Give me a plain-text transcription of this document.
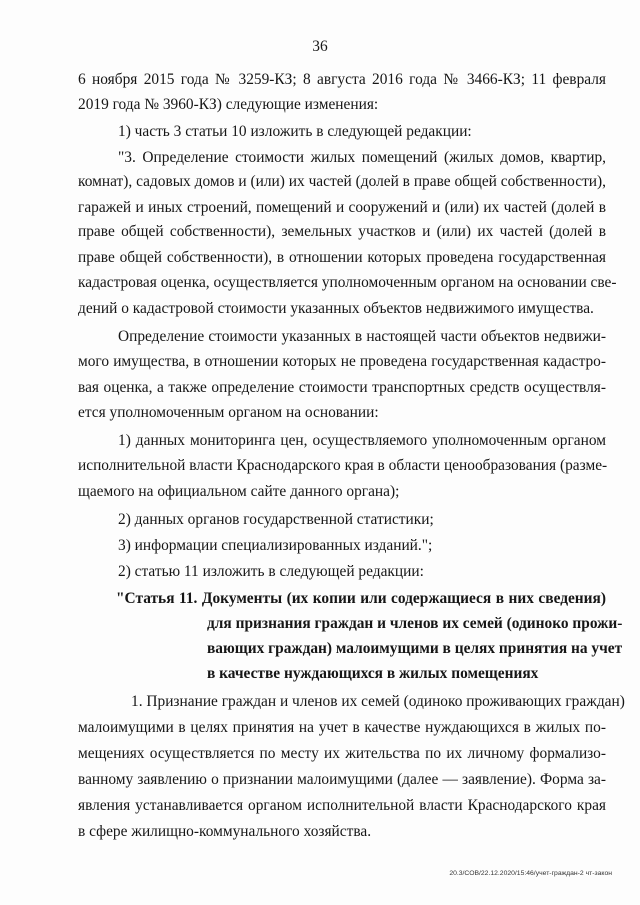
36
6 ноября 2015 года № 3259-КЗ; 8 августа 2016 года № 3466-КЗ; 11 февраля
2019 года № 3960-КЗ) следующие изменения:
1) часть 3 статьи 10 изложить в следующей редакции:
"3. Определение стоимости жилых помещений (жилых домов, квартир,
комнат), садовых домов и (или) их частей (долей в праве общей собственности),
гаражей и иных строений, помещений и сооружений и (или) их частей (долей в
праве общей собственности), земельных участков и (или) их частей (долей в
праве общей собственности), в отношении которых проведена государственная
кадастровая оценка, осуществляется уполномоченным органом на основании све-
дений о кадастровой стоимости указанных объектов недвижимого имущества.
Определение стоимости указанных в настоящей части объектов недвижи-
мого имущества, в отношении которых не проведена государственная кадастро-
вая оценка, а также определение стоимости транспортных средств осуществля-
ется уполномоченным органом на основании:
1) данных мониторинга цен, осуществляемого уполномоченным органом
исполнительной власти Краснодарского края в области ценообразования (разме-
щаемого на официальном сайте данного органа);
2) данных органов государственной статистики;
3) информации специализированных изданий.";
2) статью 11 изложить в следующей редакции:
"Статья 11. Документы (их копии или содержащиеся в них сведения)
для признания граждан и членов их семей (одиноко прожи-
вающих граждан) малоимущими в целях принятия на учет
в качестве нуждающихся в жилых помещениях
1. Признание граждан и членов их семей (одиноко проживающих граждан)
малоимущими в целях принятия на учет в качестве нуждающихся в жилых по-
мещениях осуществляется по месту их жительства по их личному формализо-
ванному заявлению о признании малоимущими (далее — заявление). Форма за-
явления устанавливается органом исполнительной власти Краснодарского края
в сфере жилищно-коммунального хозяйства.
20.3/СОВ/22.12.2020/15:46/учет-граждан-2 чт-закон
